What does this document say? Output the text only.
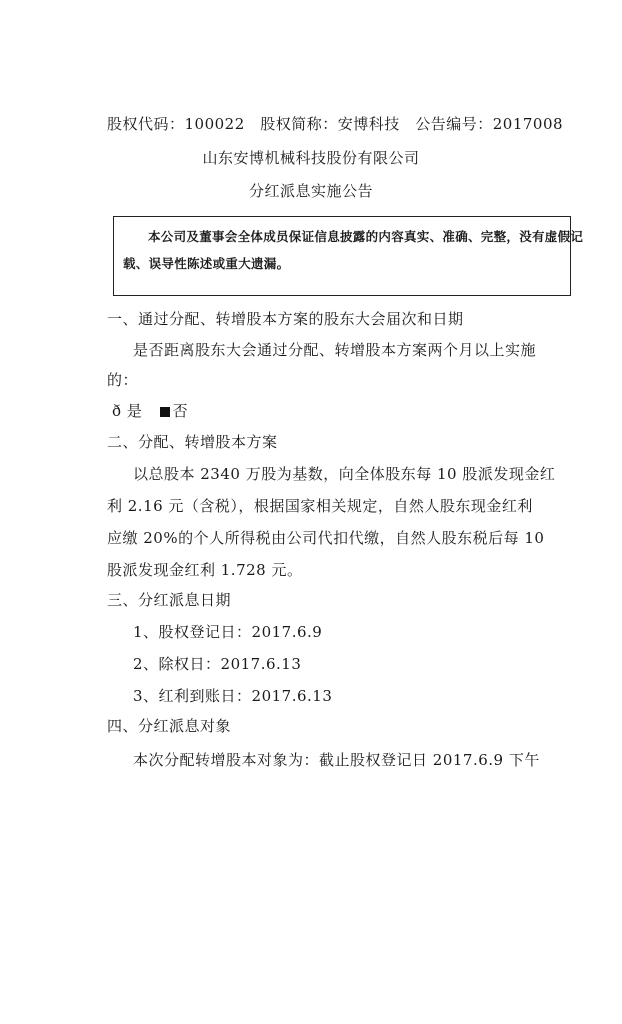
股权代码：100022　股权简称：安博科技　公告编号：2017008
山东安博机械科技股份有限公司
分红派息实施公告
本公司及董事会全体成员保证信息披露的内容真实、准确、完整，没有虚假记
载、误导性陈述或重大遗漏。
一、通过分配、转增股本方案的股东大会届次和日期
是否距离股东大会通过分配、转增股本方案两个月以上实施
的：
ð 是 否
二、分配、转增股本方案
以总股本 2340 万股为基数，向全体股东每 10 股派发现金红
利 2.16 元（含税），根据国家相关规定，自然人股东现金红利
应缴 20%的个人所得税由公司代扣代缴，自然人股东税后每 10
股派发现金红利 1.728 元。
三、分红派息日期
1、股权登记日：2017.6.9
2、除权日：2017.6.13
3、红利到账日：2017.6.13
四、分红派息对象
本次分配转增股本对象为：截止股权登记日 2017.6.9 下午
